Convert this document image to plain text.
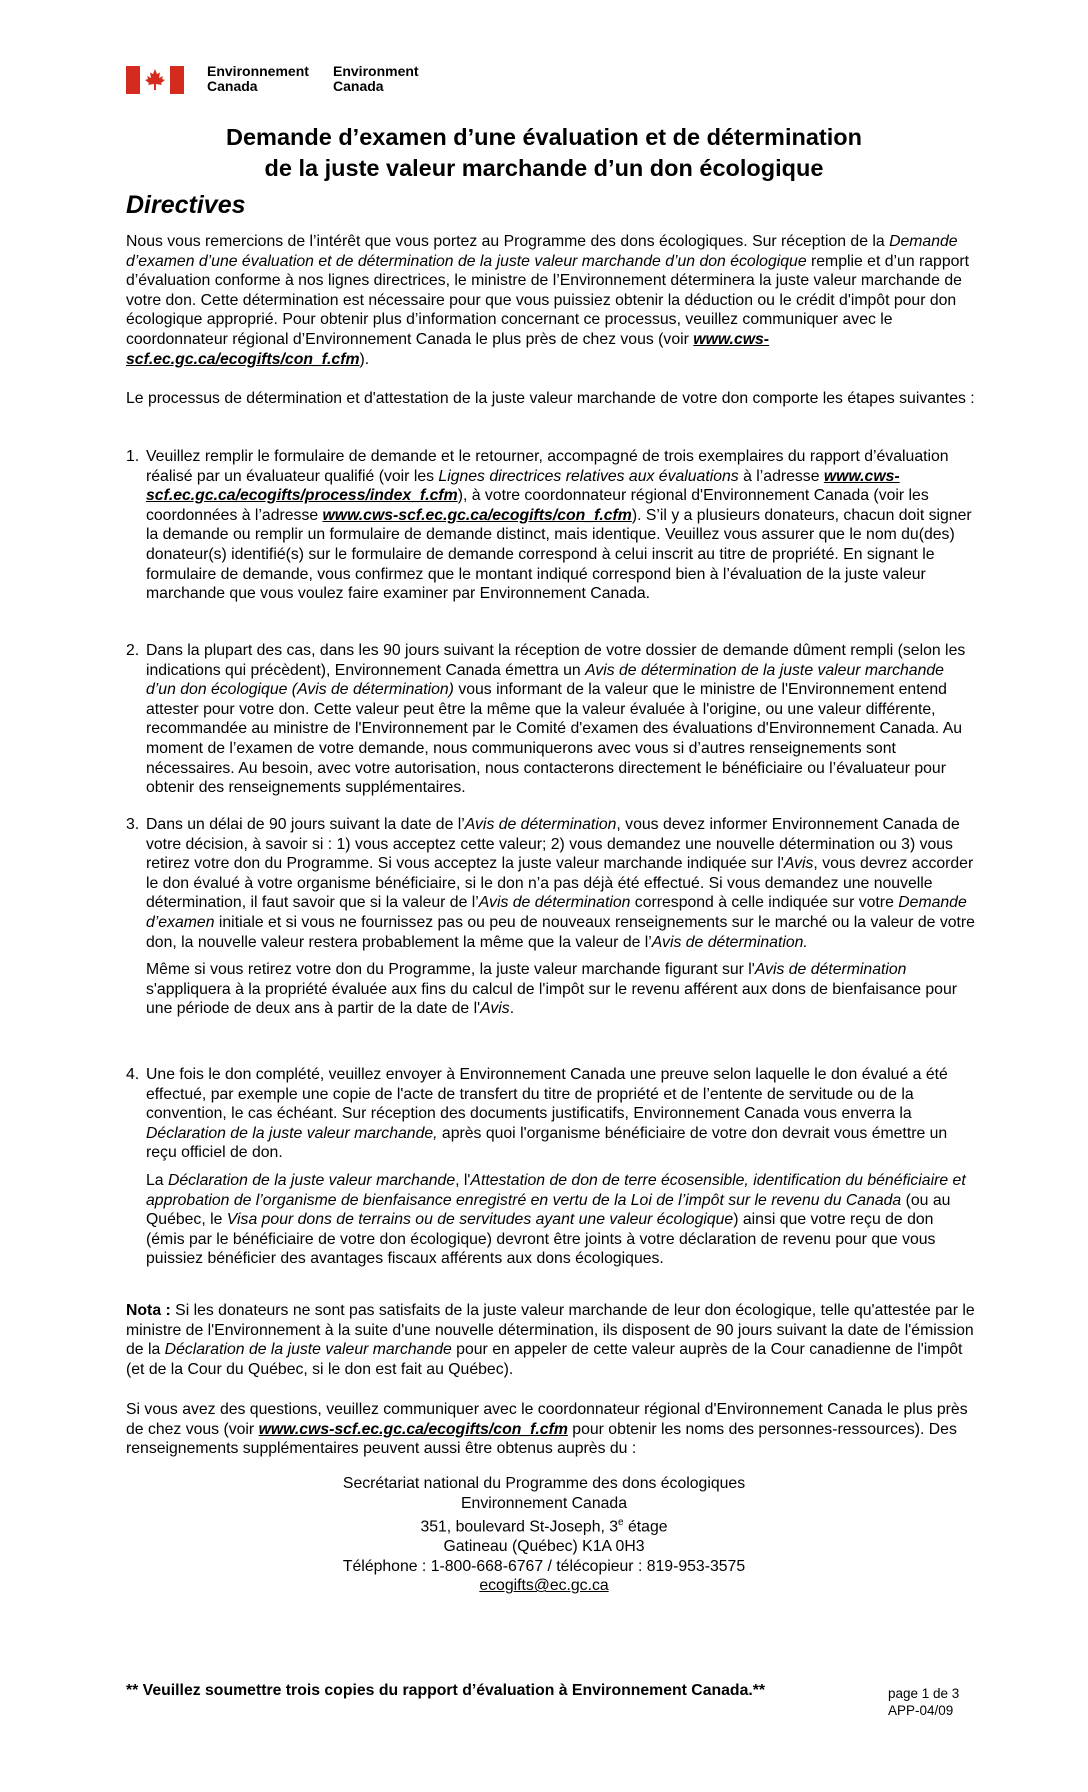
Environnement
Canada
Environment
Canada
Demande d’examen d’une évaluation et de détermination
de la juste valeur marchande d’un don écologique
Directives

Nous vous remercions de l’intérêt que vous portez au Programme des dons écologiques. Sur réception de la Demande d’examen d’une évaluation et de détermination de la juste valeur marchande d’un don écologique remplie et d’un rapport d’évaluation conforme à nos lignes directrices, le ministre de l’Environnement déterminera la juste valeur marchande de votre don. Cette détermination est nécessaire pour que vous puissiez obtenir la déduction ou le crédit d'impôt pour don écologique approprié. Pour obtenir plus d’information concernant ce processus, veuillez communiquer avec le coordonnateur régional d’Environnement Canada le plus près de chez vous (voir www.cws-scf.ec.gc.ca/ecogifts/con_f.cfm).

Le processus de détermination et d'attestation de la juste valeur marchande de votre don comporte les étapes suivantes :

1. Veuillez remplir le formulaire de demande et le retourner, accompagné de trois exemplaires du rapport d’évaluation réalisé par un évaluateur qualifié (voir les Lignes directrices relatives aux évaluations à l’adresse www.cws-scf.ec.gc.ca/ecogifts/process/index_f.cfm), à votre coordonnateur régional d'Environnement Canada (voir les coordonnées à l’adresse www.cws-scf.ec.gc.ca/ecogifts/con_f.cfm). S’il y a plusieurs donateurs, chacun doit signer la demande ou remplir un formulaire de demande distinct, mais identique. Veuillez vous assurer que le nom du(des) donateur(s) identifié(s) sur le formulaire de demande correspond à celui inscrit au titre de propriété. En signant le formulaire de demande, vous confirmez que le montant indiqué correspond bien à l’évaluation de la juste valeur marchande que vous voulez faire examiner par Environnement Canada.
2. Dans la plupart des cas, dans les 90 jours suivant la réception de votre dossier de demande dûment rempli (selon les indications qui précèdent), Environnement Canada émettra un Avis de détermination de la juste valeur marchande d’un don écologique (Avis de détermination) vous informant de la valeur que le ministre de l'Environnement entend attester pour votre don. Cette valeur peut être la même que la valeur évaluée à l'origine, ou une valeur différente, recommandée au ministre de l'Environnement par le Comité d'examen des évaluations d'Environnement Canada. Au moment de l’examen de votre demande, nous communiquerons avec vous si d’autres renseignements sont nécessaires. Au besoin, avec votre autorisation, nous contacterons directement le bénéficiaire ou l’évaluateur pour obtenir des renseignements supplémentaires.
3. Dans un délai de 90 jours suivant la date de l’Avis de détermination, vous devez informer Environnement Canada de votre décision, à savoir si : 1) vous acceptez cette valeur; 2) vous demandez une nouvelle détermination ou 3) vous retirez votre don du Programme. Si vous acceptez la juste valeur marchande indiquée sur l'Avis, vous devrez accorder le don évalué à votre organisme bénéficiaire, si le don n’a pas déjà été effectué. Si vous demandez une nouvelle détermination, il faut savoir que si la valeur de l’Avis de détermination correspond à celle indiquée sur votre Demande d’examen initiale et si vous ne fournissez pas ou peu de nouveaux renseignements sur le marché ou la valeur de votre don, la nouvelle valeur restera probablement la même que la valeur de l’Avis de détermination.

Même si vous retirez votre don du Programme, la juste valeur marchande figurant sur l'Avis de détermination s'appliquera à la propriété évaluée aux fins du calcul de l'impôt sur le revenu afférent aux dons de bienfaisance pour une période de deux ans à partir de la date de l'Avis.

4. Une fois le don complété, veuillez envoyer à Environnement Canada une preuve selon laquelle le don évalué a été effectué, par exemple une copie de l'acte de transfert du titre de propriété et de l’entente de servitude ou de la convention, le cas échéant. Sur réception des documents justificatifs, Environnement Canada vous enverra la Déclaration de la juste valeur marchande, après quoi l'organisme bénéficiaire de votre don devrait vous émettre un reçu officiel de don.

La Déclaration de la juste valeur marchande, l'Attestation de don de terre écosensible, identification du bénéficiaire et approbation de l’organisme de bienfaisance enregistré en vertu de la Loi de l’impôt sur le revenu du Canada (ou au Québec, le Visa pour dons de terrains ou de servitudes ayant une valeur écologique) ainsi que votre reçu de don (émis par le bénéficiaire de votre don écologique) devront être joints à votre déclaration de revenu pour que vous puissiez bénéficier des avantages fiscaux afférents aux dons écologiques.

Nota : Si les donateurs ne sont pas satisfaits de la juste valeur marchande de leur don écologique, telle qu'attestée par le ministre de l'Environnement à la suite d'une nouvelle détermination, ils disposent de 90 jours suivant la date de l'émission de la Déclaration de la juste valeur marchande pour en appeler de cette valeur auprès de la Cour canadienne de l'impôt (et de la Cour du Québec, si le don est fait au Québec).

Si vous avez des questions, veuillez communiquer avec le coordonnateur régional d'Environnement Canada le plus près de chez vous (voir www.cws-scf.ec.gc.ca/ecogifts/con_f.cfm pour obtenir les noms des personnes-ressources). Des renseignements supplémentaires peuvent aussi être obtenus auprès du :

Secrétariat national du Programme des dons écologiques
Environnement Canada
351, boulevard St-Joseph, 3e étage
Gatineau (Québec) K1A 0H3
Téléphone : 1-800-668-6767 / télécopieur : 819-953-3575
ecogifts@ec.gc.ca
** Veuillez soumettre trois copies du rapport d’évaluation à Environnement Canada.**	page 1 de 3
APP-04/09
